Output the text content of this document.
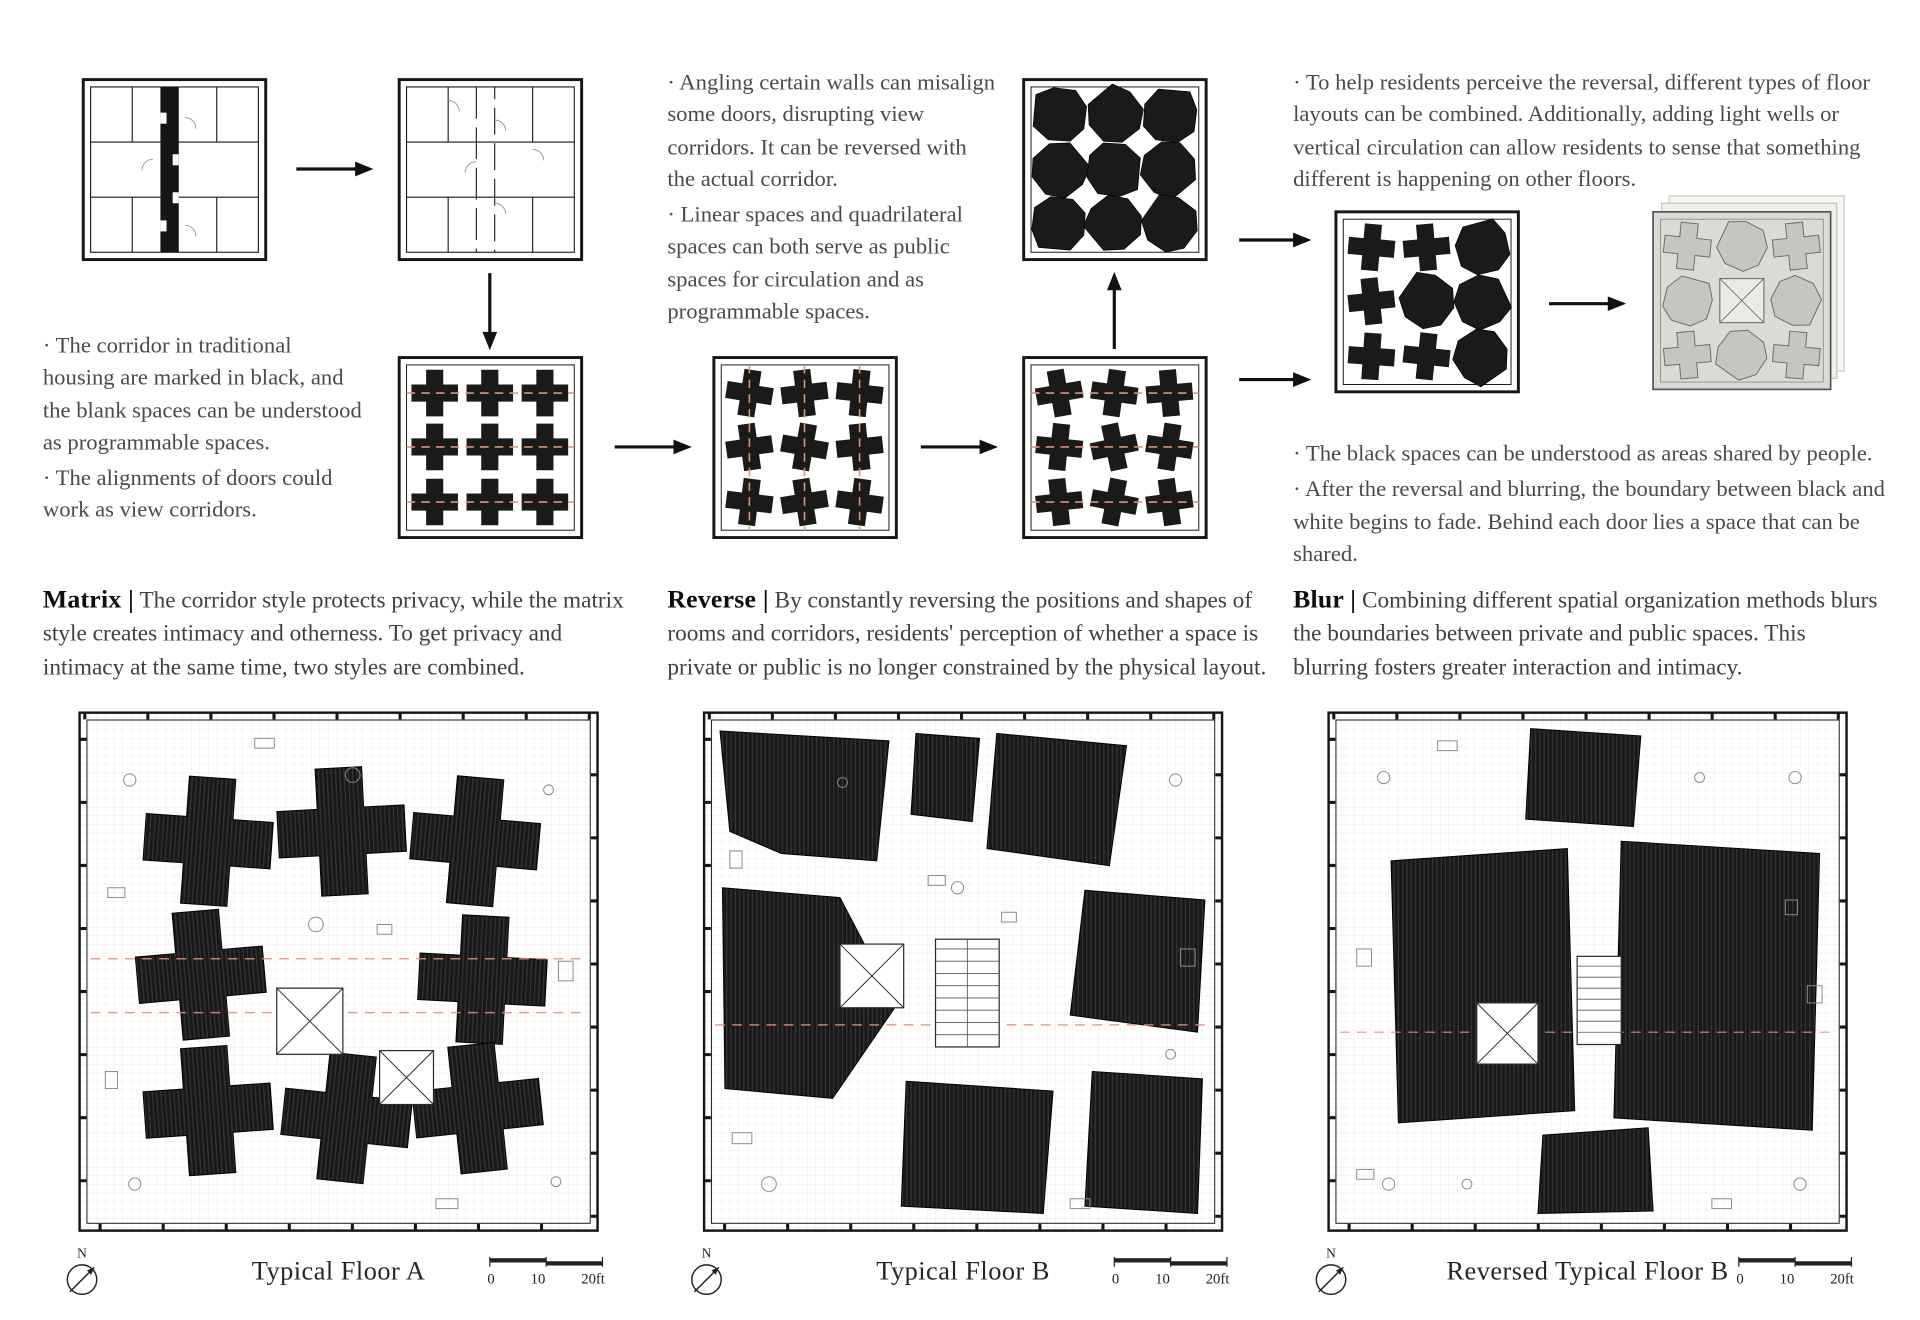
· Angling certain walls can misalign some doors, disrupting view corridors. It can be reversed with the actual corridor.

· Linear spaces and quadrilateral spaces can both serve as public spaces for circulation and as programmable spaces.

· The corridor in traditional housing are marked in black, and the blank spaces can be understood as programmable spaces.

· The alignments of doors could work as view corridors.

· To help residents perceive the reversal, different types of floor layouts can be combined. Additionally, adding light wells or vertical circulation can allow residents to sense that something different is happening on other floors.

· The black spaces can be understood as areas shared by people.

· After the reversal and blurring, the boundary between black and white begins to fade. Behind each door lies a space that can be shared.

Matrix | The corridor style protects privacy, while the matrix style creates intimacy and otherness. To get privacy and intimacy at the same time, two styles are combined.

Reverse | By constantly reversing the positions and shapes of rooms and corridors, residents' perception of whether a space is private or public is no longer constrained by the physical layout.

Blur | Combining different spatial organization methods blurs the boundaries between private and public spaces. This blurring fosters greater interaction and intimacy.

N	N	N
Typical Floor A	Typical Floor B	Reversed Typical Floor B
0	10	20ft	0	10	20ft	0	10	20ft
